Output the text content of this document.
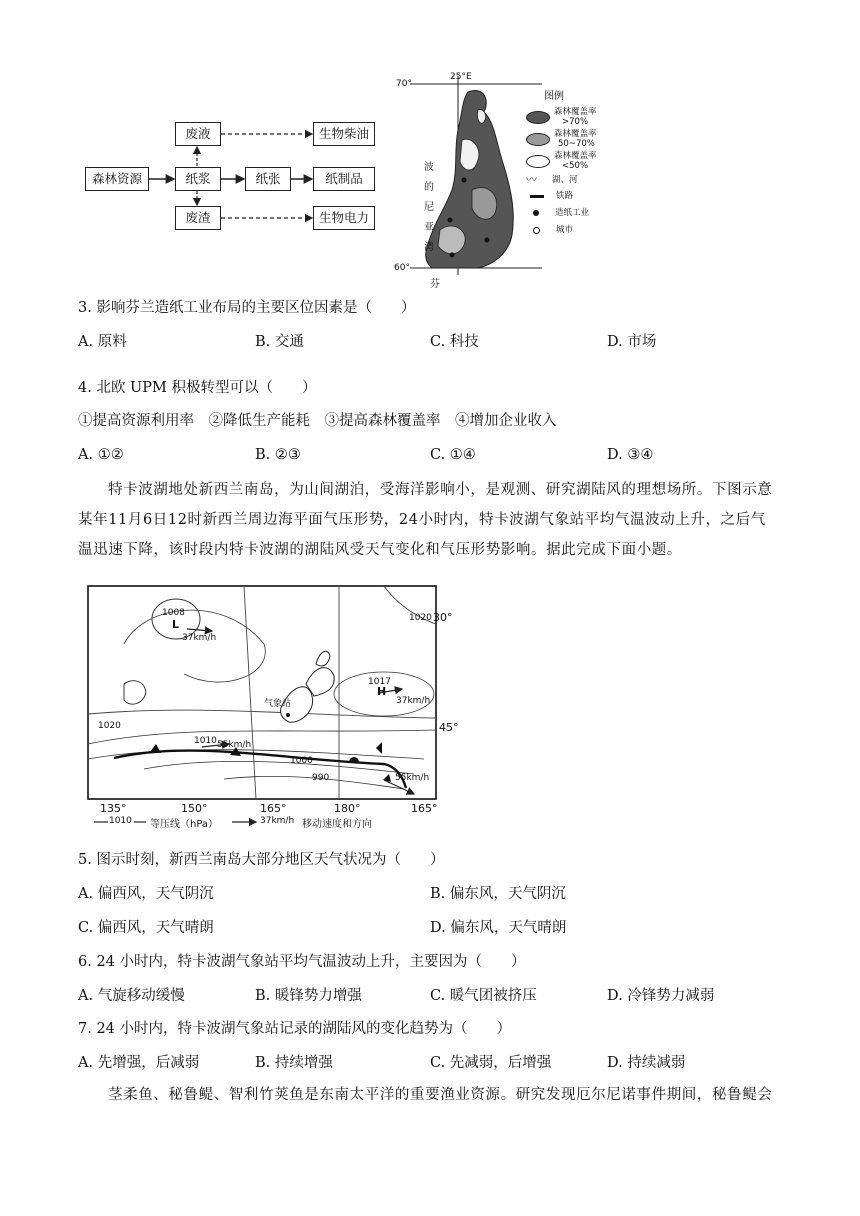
森林资源	纸浆
废液
废渣
纸张	纸制品
生物柴油
生物电力
25°E
70°
60°
波
的
尼
亚
湾
芬
图例
森林覆盖率
>70%
森林覆盖率
50~70%
森林覆盖率
<50%
〰	湖、河
铁路
造纸工业
城市
3. 影响芬兰造纸工业布局的主要区位因素是（　　）
A. 原料	B. 交通	C. 科技	D. 市场
4. 北欧 UPM 积极转型可以（　　）
①提高资源利用率　②降低生产能耗　③提高森林覆盖率　④增加企业收入
A. ①②	B. ②③	C. ①④	D. ③④
特卡波湖地处新西兰南岛，为山间湖泊，受海洋影响小，是观测、研究湖陆风的理想场所。下图示意某年11月6日12时新西兰周边海平面气压形势，24小时内，特卡波湖气象站平均气温波动上升，之后气温迅速下降，该时段内特卡波湖的湖陆风受天气变化和气压形势影响。据此完成下面小题。
1008
L
37km/h
1020 30°
1017
H
37km/h
1020	45°
气象站
1010 55km/h
1000
990	55km/h
135°	150°	165°	180°	165°
1010 等压线（hPa）	37km/h 移动速度和方向
5. 图示时刻，新西兰南岛大部分地区天气状况为（　　）
A. 偏西风，天气阴沉	B. 偏东风，天气阴沉
C. 偏西风，天气晴朗	D. 偏东风，天气晴朗
6. 24 小时内，特卡波湖气象站平均气温波动上升，主要因为（　　）
A. 气旋移动缓慢	B. 暖锋势力增强	C. 暖气团被挤压	D. 冷锋势力减弱
7. 24 小时内，特卡波湖气象站记录的湖陆风的变化趋势为（　　）
A. 先增强，后减弱	B. 持续增强	C. 先减弱，后增强	D. 持续减弱
茎柔鱼、秘鲁鳀、智利竹荚鱼是东南太平洋的重要渔业资源。研究发现厄尔尼诺事件期间，秘鲁鳀会
